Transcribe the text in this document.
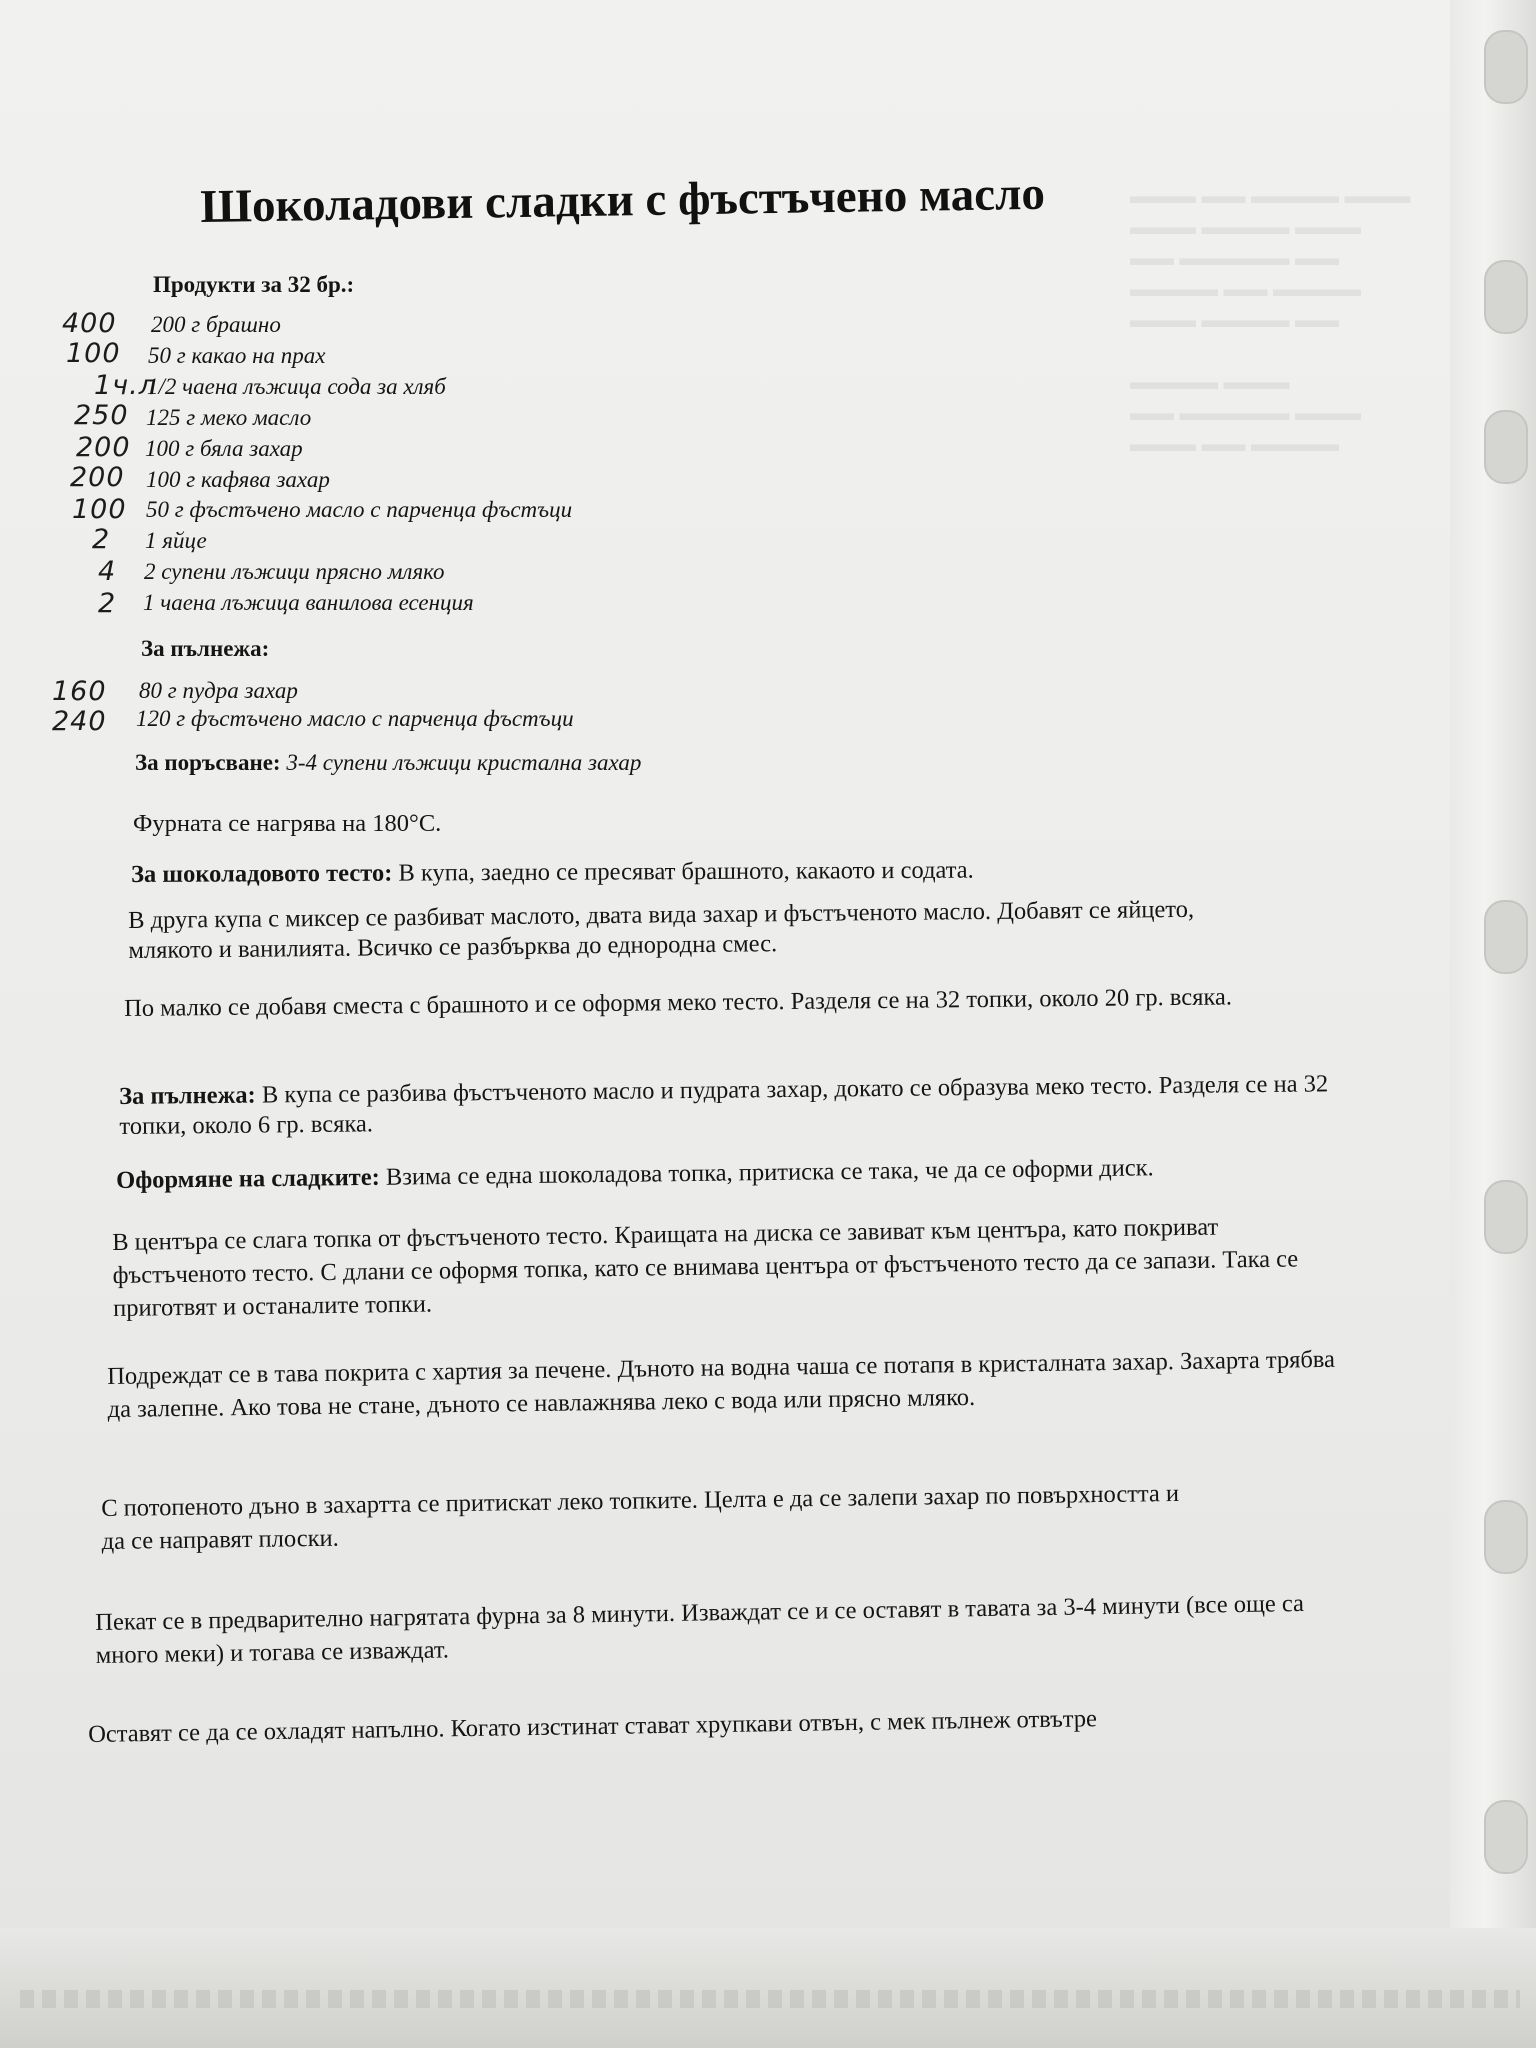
▬▬▬ ▬▬ ▬▬▬▬ ▬▬▬
▬▬▬ ▬▬▬▬ ▬▬▬
▬▬ ▬▬▬▬▬ ▬▬
▬▬▬▬ ▬▬ ▬▬▬▬
▬▬▬ ▬▬▬▬ ▬▬

▬▬▬▬ ▬▬▬
▬▬ ▬▬▬▬▬ ▬▬▬
▬▬▬ ▬▬ ▬▬▬▬
Шоколадови сладки с фъстъчено масло
Продукти за 32 бр.:
400 200 г брашно
100 50 г какао на прах
1ч.л
1/2 чаена лъжица сода за хляб
250 125 г меко масло
200 100 г бяла захар
200 100 г кафява захар
100 50 г фъстъчено масло с парченца фъстъци
2 1 яйце
4 2 супени лъжици прясно мляко
2 1 чаена лъжица ванилова есенция
За пълнежа:
160 80 г пудра захар
240 120 г фъстъчено масло с парченца фъстъци
За поръсване: 3-4 супени лъжици кристална захар
Фурната се нагрява на 180°C.
За шоколадовото тесто: В купа, заедно се пресяват брашното, какаото и содата.
В друга купа с миксер се разбиват маслото, двата вида захар и фъстъченото масло. Добавят се яйцето, млякото и ванилията. Всичко се разбърква до еднородна смес.
По малко се добавя сместа с брашното и се оформя меко тесто. Разделя се на 32 топки, около 20 гр. всяка.
За пълнежа: В купа се разбива фъстъченото масло и пудрата захар, докато се образува меко тесто. Разделя се на 32 топки, около 6 гр. всяка.
Оформяне на сладките: Взима се една шоколадова топка, притиска се така, че да се оформи диск.
В центъра се слага топка от фъстъченото тесто. Краищата на диска се завиват към центъра, като покриват фъстъченото тесто. С длани се оформя топка, като се внимава центъра от фъстъченото тесто да се запази. Така се приготвят и останалите топки.
Подреждат се в тава покрита с хартия за печене. Дъното на водна чаша се потапя в кристалната захар. Захарта трябва да залепне. Ако това не стане, дъното се навлажнява леко с вода или прясно мляко.
С потопеното дъно в захартта се притискат леко топките. Целта е да се залепи захар по повърхността и да се направят плоски.
Пекат се в предварително нагрятата фурна за 8 минути. Изваждат се и се оставят в тавата за 3-4 минути (все още са много меки) и тогава се изваждат.
Оставят се да се охладят напълно. Когато изстинат стават хрупкави отвън, с мек пълнеж отвътре
